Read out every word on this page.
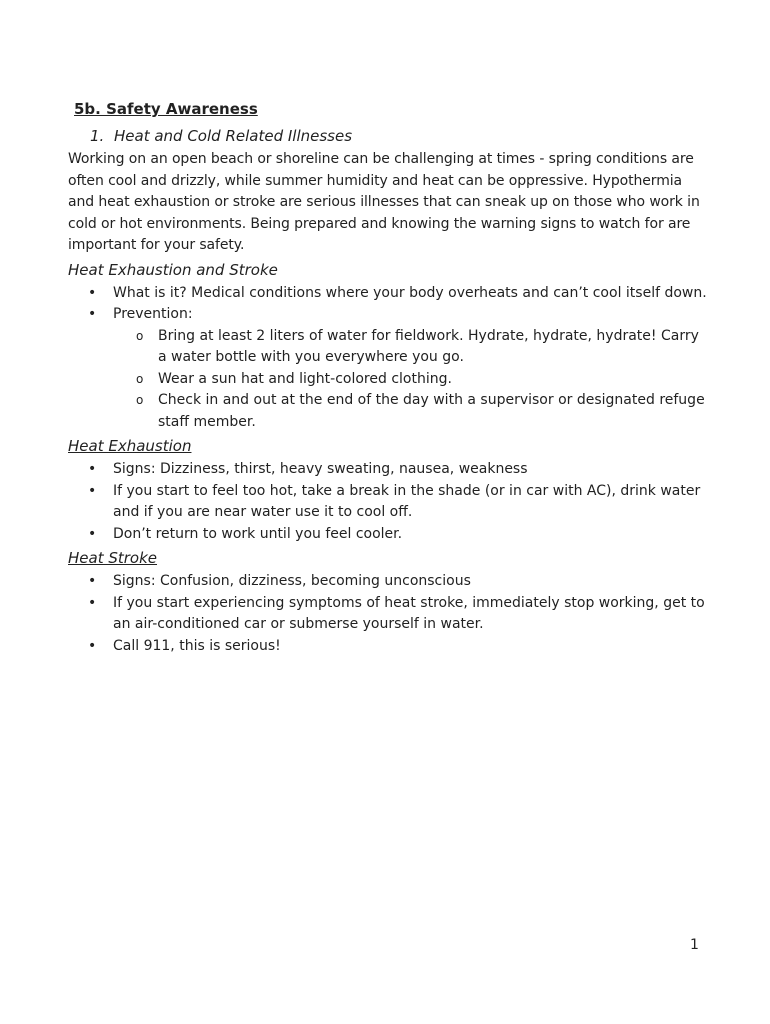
5b. Safety Awareness
1. Heat and Cold Related Illnesses

Working on an open beach or shoreline can be challenging at times - spring conditions are often cool and drizzly, while summer humidity and heat can be oppressive. Hypothermia and heat exhaustion or stroke are serious illnesses that can sneak up on those who work in cold or hot environments. Being prepared and knowing the warning signs to watch for are important for your safety.

Heat Exhaustion and Stroke
• What is it? Medical conditions where your body overheats and can’t cool itself down.
• Prevention:
o Bring at least 2 liters of water for fieldwork. Hydrate, hydrate, hydrate! Carry a water bottle with you everywhere you go.
o Wear a sun hat and light-colored clothing.
o Check in and out at the end of the day with a supervisor or designated refuge staff member.
Heat Exhaustion
• Signs: Dizziness, thirst, heavy sweating, nausea, weakness
• If you start to feel too hot, take a break in the shade (or in car with AC), drink water and if you are near water use it to cool off.
• Don’t return to work until you feel cooler.
Heat Stroke
• Signs: Confusion, dizziness, becoming unconscious
• If you start experiencing symptoms of heat stroke, immediately stop working, get to an air-conditioned car or submerse yourself in water.
• Call 911, this is serious!
1
